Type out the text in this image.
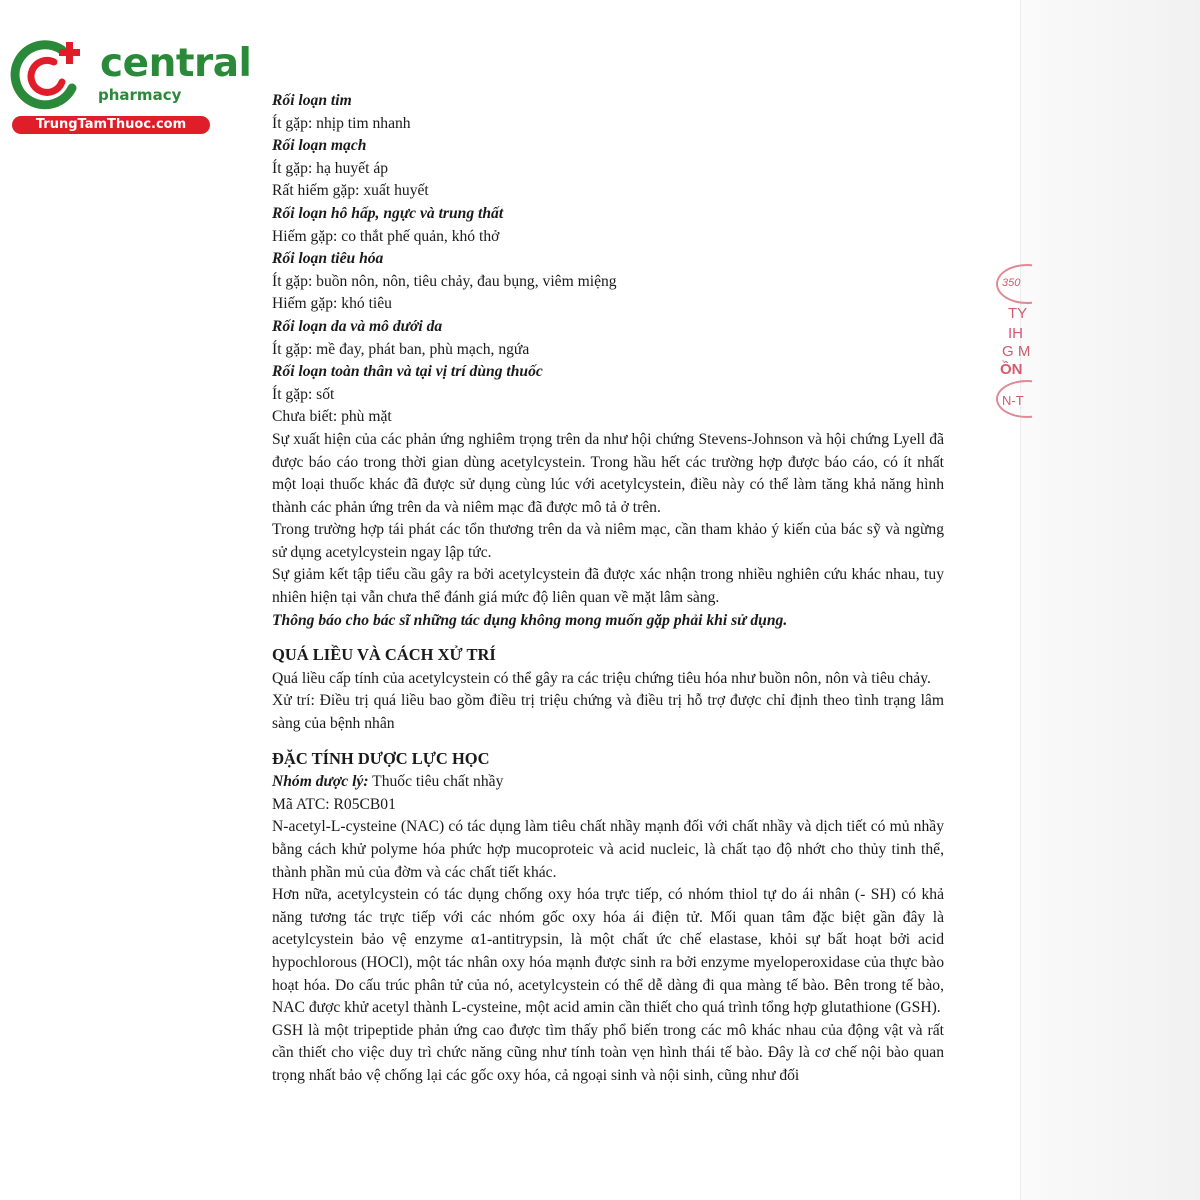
350
TY
IH
G M
ỒN
N-T
central
pharmacy
TrungTamThuoc.com

Rối loạn tim

Ít gặp: nhịp tim nhanh

Rối loạn mạch

Ít gặp: hạ huyết áp

Rất hiếm gặp: xuất huyết

Rối loạn hô hấp, ngực và trung thất

Hiếm gặp: co thắt phế quản, khó thở

Rối loạn tiêu hóa

Ít gặp: buồn nôn, nôn, tiêu chảy, đau bụng, viêm miệng

Hiếm gặp: khó tiêu

Rối loạn da và mô dưới da

Ít gặp: mề đay, phát ban, phù mạch, ngứa

Rối loạn toàn thân và tại vị trí dùng thuốc

Ít gặp: sốt

Chưa biết: phù mặt

Sự xuất hiện của các phản ứng nghiêm trọng trên da như hội chứng Stevens-Johnson và hội chứng Lyell đã được báo cáo trong thời gian dùng acetylcystein. Trong hầu hết các trường hợp được báo cáo, có ít nhất một loại thuốc khác đã được sử dụng cùng lúc với acetylcystein, điều này có thể làm tăng khả năng hình thành các phản ứng trên da và niêm mạc đã được mô tả ở trên.

Trong trường hợp tái phát các tổn thương trên da và niêm mạc, cần tham khảo ý kiến của bác sỹ và ngừng sử dụng acetylcystein ngay lập tức.

Sự giảm kết tập tiểu cầu gây ra bởi acetylcystein đã được xác nhận trong nhiều nghiên cứu khác nhau, tuy nhiên hiện tại vẫn chưa thể đánh giá mức độ liên quan về mặt lâm sàng.

Thông báo cho bác sĩ những tác dụng không mong muốn gặp phải khi sử dụng.

QUÁ LIỀU VÀ CÁCH XỬ TRÍ

Quá liều cấp tính của acetylcystein có thể gây ra các triệu chứng tiêu hóa như buồn nôn, nôn và tiêu chảy.

Xử trí: Điều trị quá liều bao gồm điều trị triệu chứng và điều trị hỗ trợ được chỉ định theo tình trạng lâm sàng của bệnh nhân

ĐẶC TÍNH DƯỢC LỰC HỌC

Nhóm dược lý: Thuốc tiêu chất nhầy

Mã ATC: R05CB01

N-acetyl-L-cysteine (NAC) có tác dụng làm tiêu chất nhầy mạnh đối với chất nhầy và dịch tiết có mủ nhầy bằng cách khử polyme hóa phức hợp mucoproteic và acid nucleic, là chất tạo độ nhớt cho thủy tinh thể, thành phần mủ của đờm và các chất tiết khác.

Hơn nữa, acetylcystein có tác dụng chống oxy hóa trực tiếp, có nhóm thiol tự do ái nhân (- SH) có khả năng tương tác trực tiếp với các nhóm gốc oxy hóa ái điện tử. Mối quan tâm đặc biệt gần đây là acetylcystein bảo vệ enzyme α1-antitrypsin, là một chất ức chế elastase, khỏi sự bất hoạt bởi acid hypochlorous (HOCl), một tác nhân oxy hóa mạnh được sinh ra bởi enzyme myeloperoxidase của thực bào hoạt hóa. Do cấu trúc phân tử của nó, acetylcystein có thể dễ dàng đi qua màng tế bào. Bên trong tế bào, NAC được khử acetyl thành L-cysteine, một acid amin cần thiết cho quá trình tổng hợp glutathione (GSH).

GSH là một tripeptide phản ứng cao được tìm thấy phổ biến trong các mô khác nhau của động vật và rất cần thiết cho việc duy trì chức năng cũng như tính toàn vẹn hình thái tế bào. Đây là cơ chế nội bào quan trọng nhất bảo vệ chống lại các gốc oxy hóa, cả ngoại sinh và nội sinh, cũng như đối
